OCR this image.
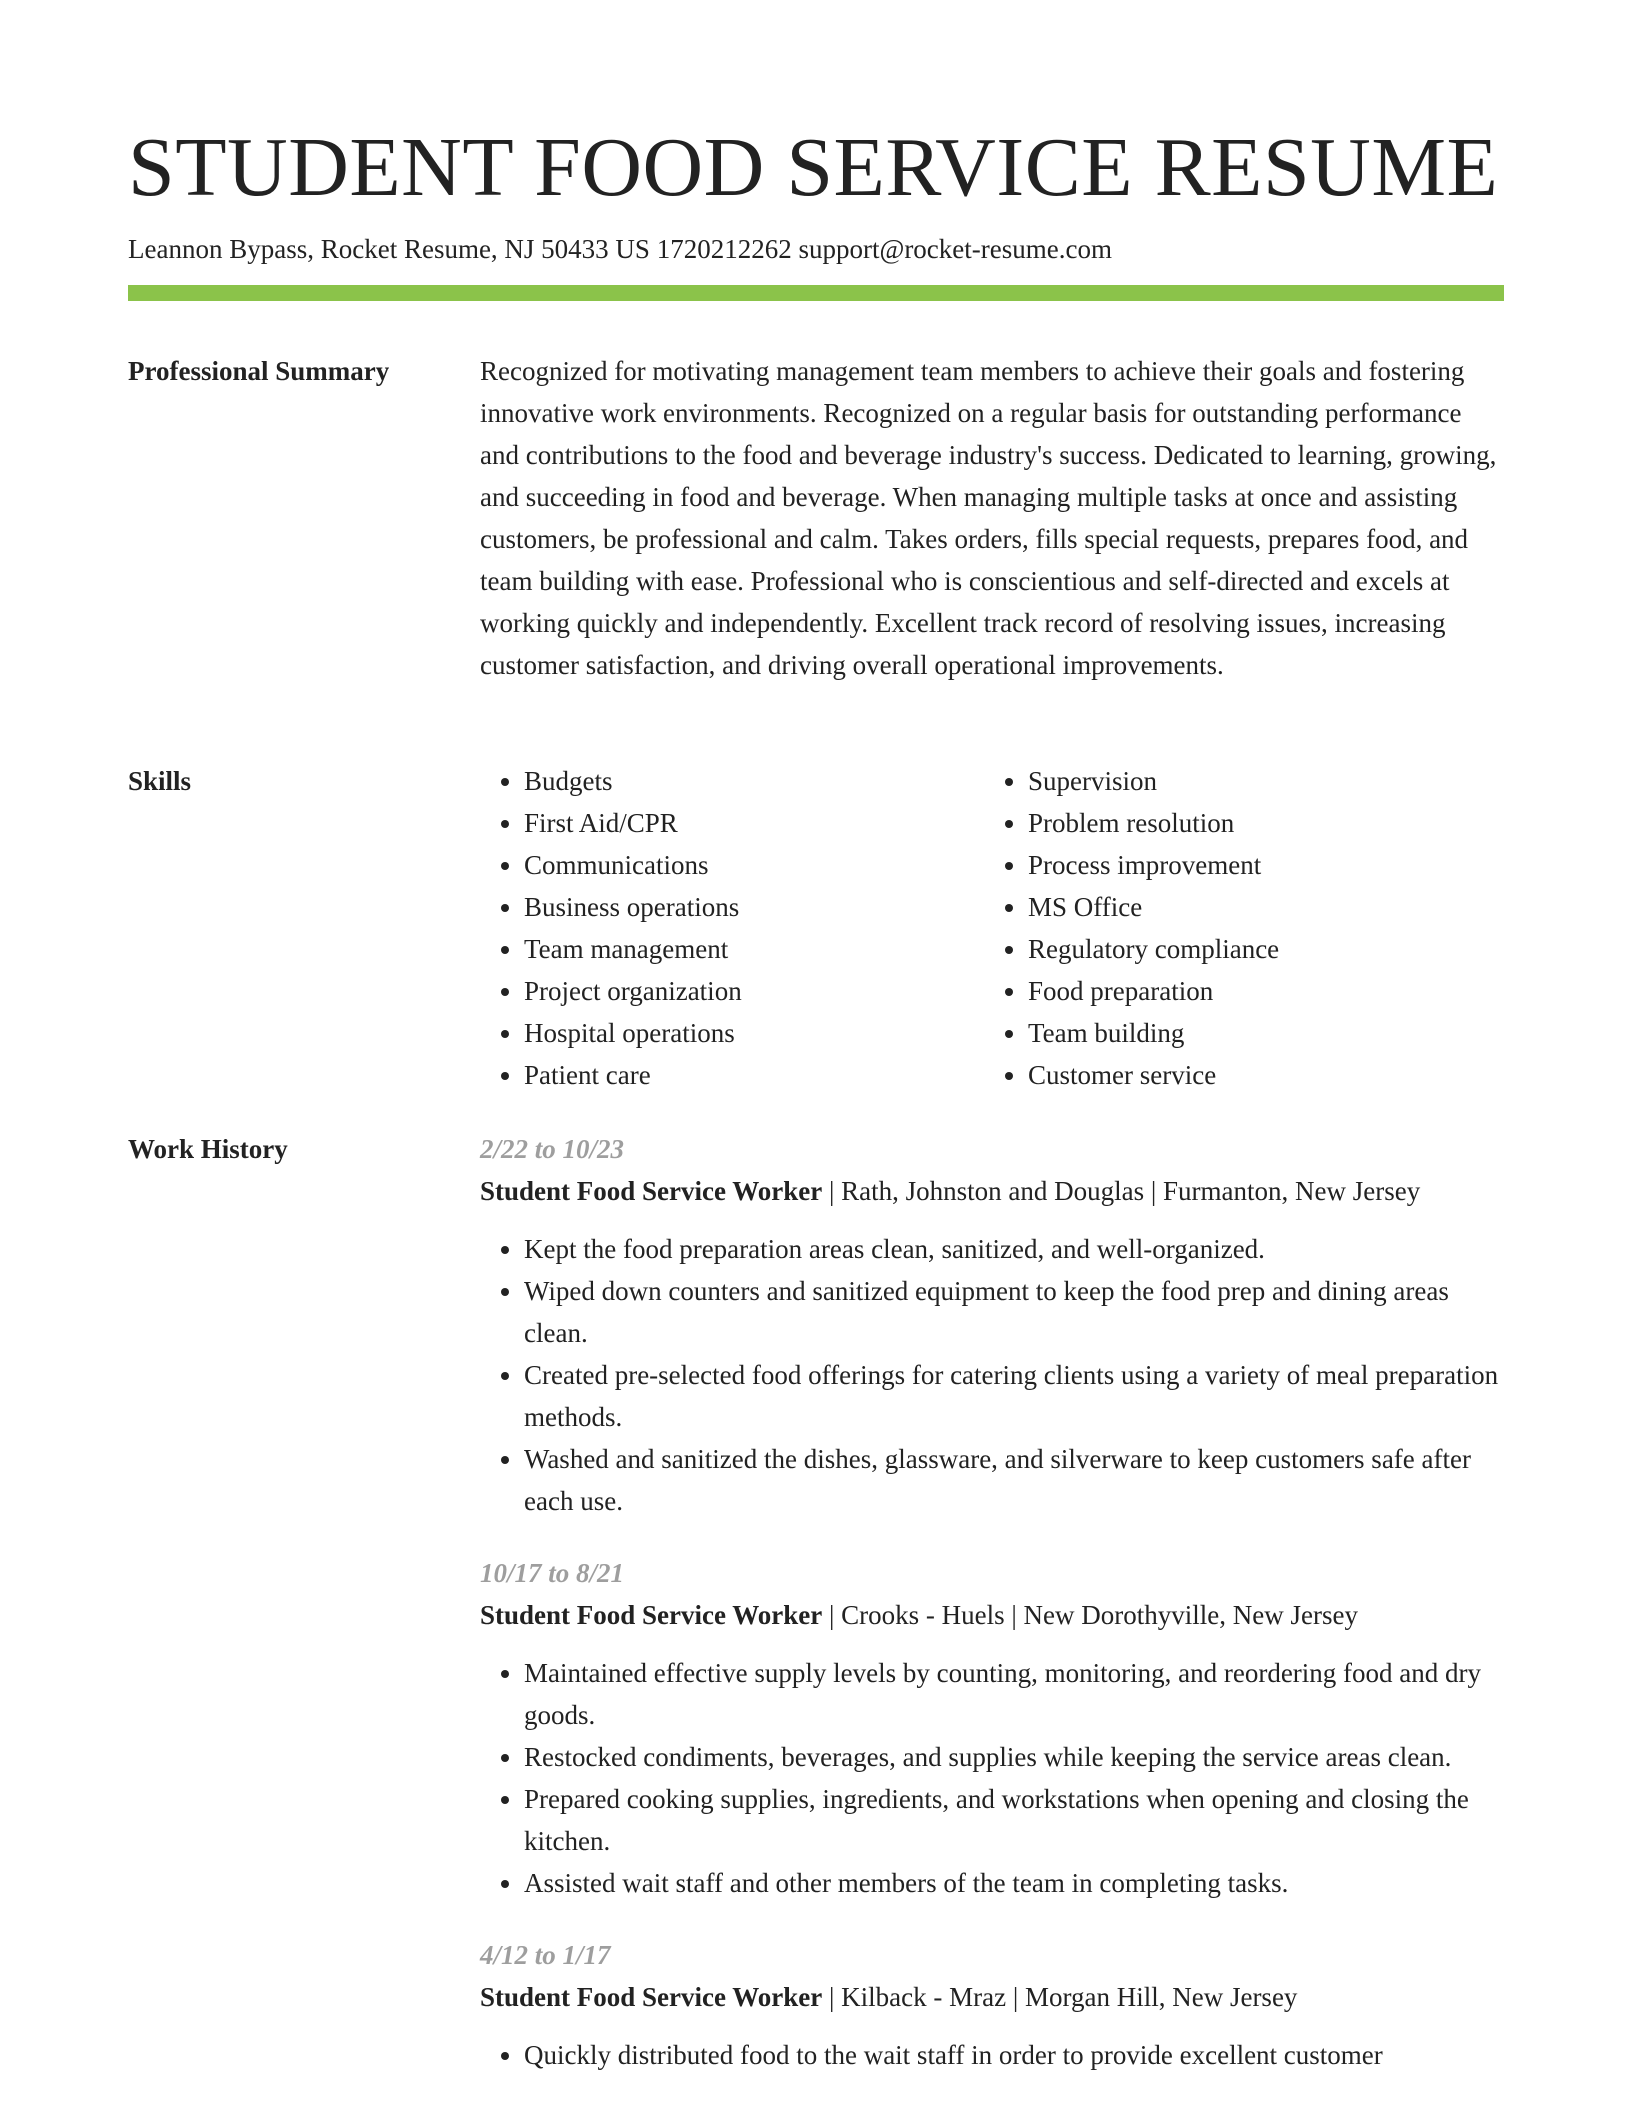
STUDENT FOOD SERVICE RESUME
Leannon Bypass, Rocket Resume, NJ 50433 US 1720212262 support@rocket-resume.com
Professional Summary	Recognized for motivating management team members to achieve their goals and fostering innovative work environments. Recognized on a regular basis for outstanding performance and contributions to the food and beverage industry's success. Dedicated to learning, growing, and succeeding in food and beverage. When managing multiple tasks at once and assisting customers, be professional and calm. Takes orders, fills special requests, prepares food, and team building with ease. Professional who is conscientious and self-directed and excels at working quickly and independently. Excellent track record of resolving issues, increasing customer satisfaction, and driving overall operational improvements.

Skills
•	Budgets
• First Aid/CPR
• Communications
• Business operations
• Team management
• Project organization
• Hospital operations
• Patient care
• Supervision
• Problem resolution
• Process improvement
• MS Office
• Regulatory compliance
• Food preparation
• Team building
• Customer service
Work History	2/22 to 10/23
Student Food Service Worker | Rath, Johnston and Douglas | Furmanton, New Jersey
• Kept the food preparation areas clean, sanitized, and well-organized.
• Wiped down counters and sanitized equipment to keep the food prep and dining areas clean.
• Created pre-selected food offerings for catering clients using a variety of meal preparation methods.
• Washed and sanitized the dishes, glassware, and silverware to keep customers safe after each use.
10/17 to 8/21
Student Food Service Worker | Crooks - Huels | New Dorothyville, New Jersey
• Maintained effective supply levels by counting, monitoring, and reordering food and dry goods.
• Restocked condiments, beverages, and supplies while keeping the service areas clean.
• Prepared cooking supplies, ingredients, and workstations when opening and closing the kitchen.
• Assisted wait staff and other members of the team in completing tasks.
4/12 to 1/17
Student Food Service Worker | Kilback - Mraz | Morgan Hill, New Jersey
• Quickly distributed food to the wait staff in order to provide excellent customer
